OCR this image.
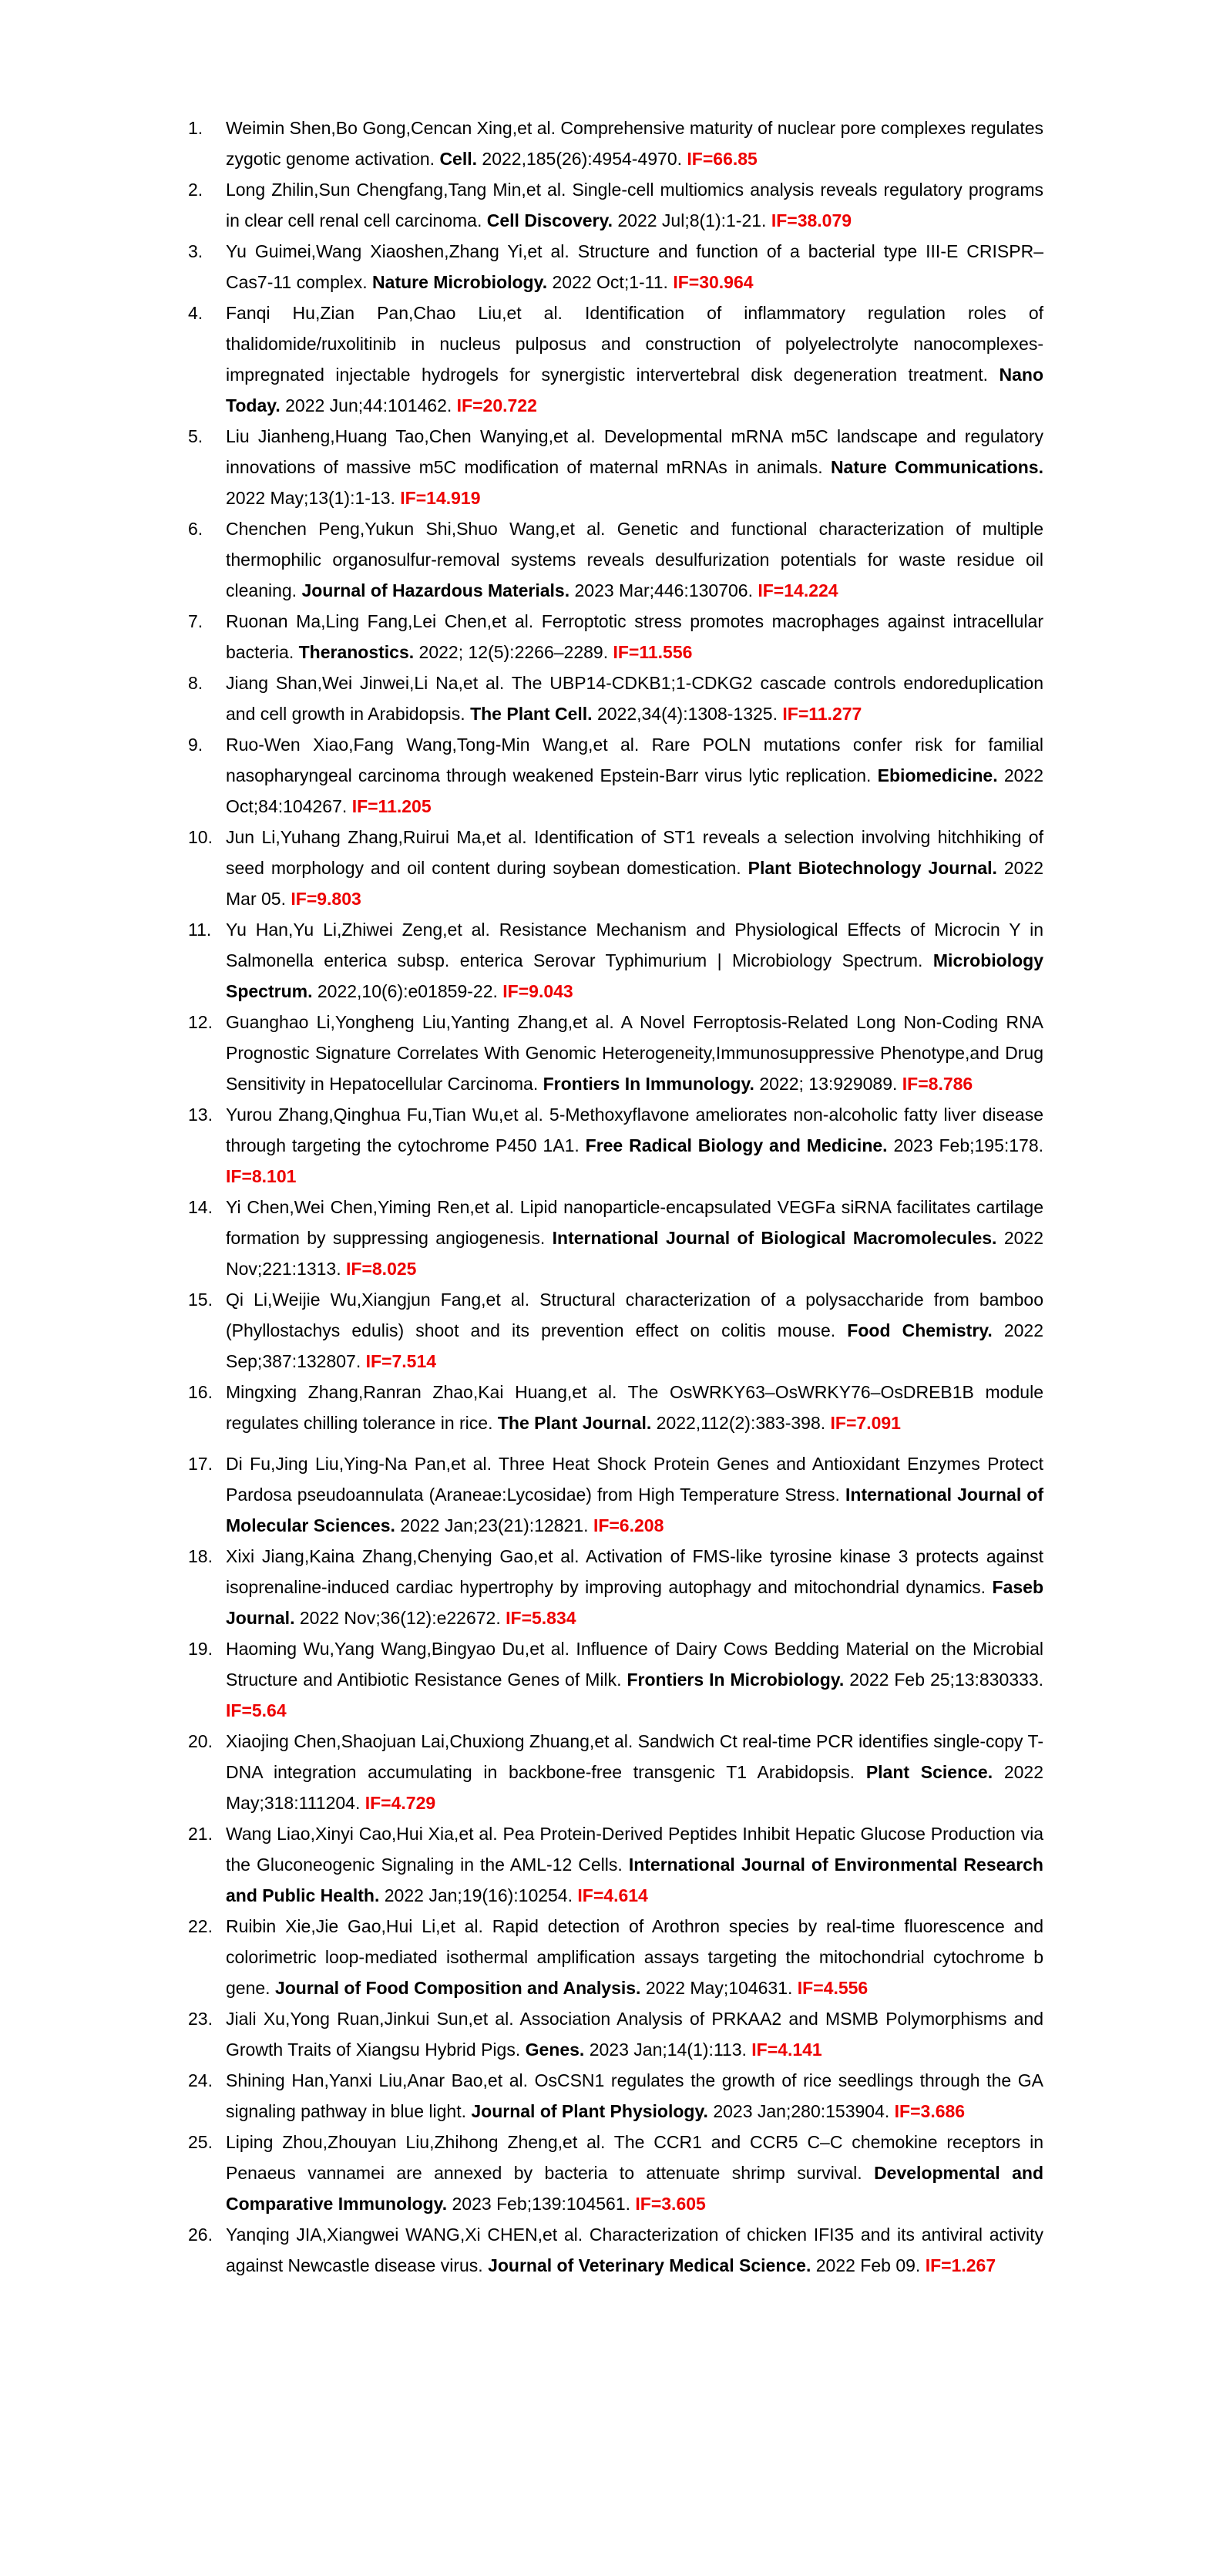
1. Weimin Shen,Bo Gong,Cencan Xing,et al. Comprehensive maturity of nuclear pore complexes regulates zygotic genome activation. Cell. 2022,185(26):4954-4970. IF=66.85
2. Long Zhilin,Sun Chengfang,Tang Min,et al. Single-cell multiomics analysis reveals regulatory programs in clear cell renal cell carcinoma. Cell Discovery. 2022 Jul;8(1):1-21. IF=38.079
3. Yu Guimei,Wang Xiaoshen,Zhang Yi,et al. Structure and function of a bacterial type III-E CRISPR–Cas7-11 complex. Nature Microbiology. 2022 Oct;1-11. IF=30.964
4. Fanqi Hu,Zian Pan,Chao Liu,et al. Identification of inflammatory regulation roles of thalidomide/ruxolitinib in nucleus pulposus and construction of polyelectrolyte nanocomplexes-impregnated injectable hydrogels for synergistic intervertebral disk degeneration treatment. Nano Today. 2022 Jun;44:101462. IF=20.722
5. Liu Jianheng,Huang Tao,Chen Wanying,et al. Developmental mRNA m5C landscape and regulatory innovations of massive m5C modification of maternal mRNAs in animals. Nature Communications. 2022 May;13(1):1-13. IF=14.919
6. Chenchen Peng,Yukun Shi,Shuo Wang,et al. Genetic and functional characterization of multiple thermophilic organosulfur-removal systems reveals desulfurization potentials for waste residue oil cleaning. Journal of Hazardous Materials. 2023 Mar;446:130706. IF=14.224
7. Ruonan Ma,Ling Fang,Lei Chen,et al. Ferroptotic stress promotes macrophages against intracellular bacteria. Theranostics. 2022; 12(5):2266–2289. IF=11.556
8. Jiang Shan,Wei Jinwei,Li Na,et al. The UBP14-CDKB1;1-CDKG2 cascade controls endoreduplication and cell growth in Arabidopsis. The Plant Cell. 2022,34(4):1308-1325. IF=11.277
9. Ruo-Wen Xiao,Fang Wang,Tong-Min Wang,et al. Rare POLN mutations confer risk for familial nasopharyngeal carcinoma through weakened Epstein-Barr virus lytic replication. Ebiomedicine. 2022 Oct;84:104267. IF=11.205
10. Jun Li,Yuhang Zhang,Ruirui Ma,et al. Identification of ST1 reveals a selection involving hitchhiking of seed morphology and oil content during soybean domestication. Plant Biotechnology Journal. 2022 Mar 05. IF=9.803
11. Yu Han,Yu Li,Zhiwei Zeng,et al. Resistance Mechanism and Physiological Effects of Microcin Y in Salmonella enterica subsp. enterica Serovar Typhimurium | Microbiology Spectrum. Microbiology Spectrum. 2022,10(6):e01859-22. IF=9.043
12. Guanghao Li,Yongheng Liu,Yanting Zhang,et al. A Novel Ferroptosis-Related Long Non-Coding RNA Prognostic Signature Correlates With Genomic Heterogeneity,Immunosuppressive Phenotype,and Drug Sensitivity in Hepatocellular Carcinoma. Frontiers In Immunology. 2022; 13:929089. IF=8.786
13. Yurou Zhang,Qinghua Fu,Tian Wu,et al. 5-Methoxyflavone ameliorates non-alcoholic fatty liver disease through targeting the cytochrome P450 1A1. Free Radical Biology and Medicine. 2023 Feb;195:178. IF=8.101
14. Yi Chen,Wei Chen,Yiming Ren,et al. Lipid nanoparticle-encapsulated VEGFa siRNA facilitates cartilage formation by suppressing angiogenesis. International Journal of Biological Macromolecules. 2022 Nov;221:1313. IF=8.025
15. Qi Li,Weijie Wu,Xiangjun Fang,et al. Structural characterization of a polysaccharide from bamboo (Phyllostachys edulis) shoot and its prevention effect on colitis mouse. Food Chemistry. 2022 Sep;387:132807. IF=7.514
16. Mingxing Zhang,Ranran Zhao,Kai Huang,et al. The OsWRKY63–OsWRKY76–OsDREB1B module regulates chilling tolerance in rice. The Plant Journal. 2022,112(2):383-398. IF=7.091
17. Di Fu,Jing Liu,Ying-Na Pan,et al. Three Heat Shock Protein Genes and Antioxidant Enzymes Protect Pardosa pseudoannulata (Araneae:Lycosidae) from High Temperature Stress. International Journal of Molecular Sciences. 2022 Jan;23(21):12821. IF=6.208
18. Xixi Jiang,Kaina Zhang,Chenying Gao,et al. Activation of FMS-like tyrosine kinase 3 protects against isoprenaline-induced cardiac hypertrophy by improving autophagy and mitochondrial dynamics. Faseb Journal. 2022 Nov;36(12):e22672. IF=5.834
19. Haoming Wu,Yang Wang,Bingyao Du,et al. Influence of Dairy Cows Bedding Material on the Microbial Structure and Antibiotic Resistance Genes of Milk. Frontiers In Microbiology. 2022 Feb 25;13:830333. IF=5.64
20. Xiaojing Chen,Shaojuan Lai,Chuxiong Zhuang,et al. Sandwich Ct real-time PCR identifies single-copy T-DNA integration accumulating in backbone-free transgenic T1 Arabidopsis. Plant Science. 2022 May;318:111204. IF=4.729
21. Wang Liao,Xinyi Cao,Hui Xia,et al. Pea Protein-Derived Peptides Inhibit Hepatic Glucose Production via the Gluconeogenic Signaling in the AML-12 Cells. International Journal of Environmental Research and Public Health. 2022 Jan;19(16):10254. IF=4.614
22. Ruibin Xie,Jie Gao,Hui Li,et al. Rapid detection of Arothron species by real-time fluorescence and colorimetric loop-mediated isothermal amplification assays targeting the mitochondrial cytochrome b gene. Journal of Food Composition and Analysis. 2022 May;104631. IF=4.556
23. Jiali Xu,Yong Ruan,Jinkui Sun,et al. Association Analysis of PRKAA2 and MSMB Polymorphisms and Growth Traits of Xiangsu Hybrid Pigs. Genes. 2023 Jan;14(1):113. IF=4.141
24. Shining Han,Yanxi Liu,Anar Bao,et al. OsCSN1 regulates the growth of rice seedlings through the GA signaling pathway in blue light. Journal of Plant Physiology. 2023 Jan;280:153904. IF=3.686
25. Liping Zhou,Zhouyan Liu,Zhihong Zheng,et al. The CCR1 and CCR5 C–C chemokine receptors in Penaeus vannamei are annexed by bacteria to attenuate shrimp survival. Developmental and Comparative Immunology. 2023 Feb;139:104561. IF=3.605
26. Yanqing JIA,Xiangwei WANG,Xi CHEN,et al. Characterization of chicken IFI35 and its antiviral activity against Newcastle disease virus. Journal of Veterinary Medical Science. 2022 Feb 09. IF=1.267
